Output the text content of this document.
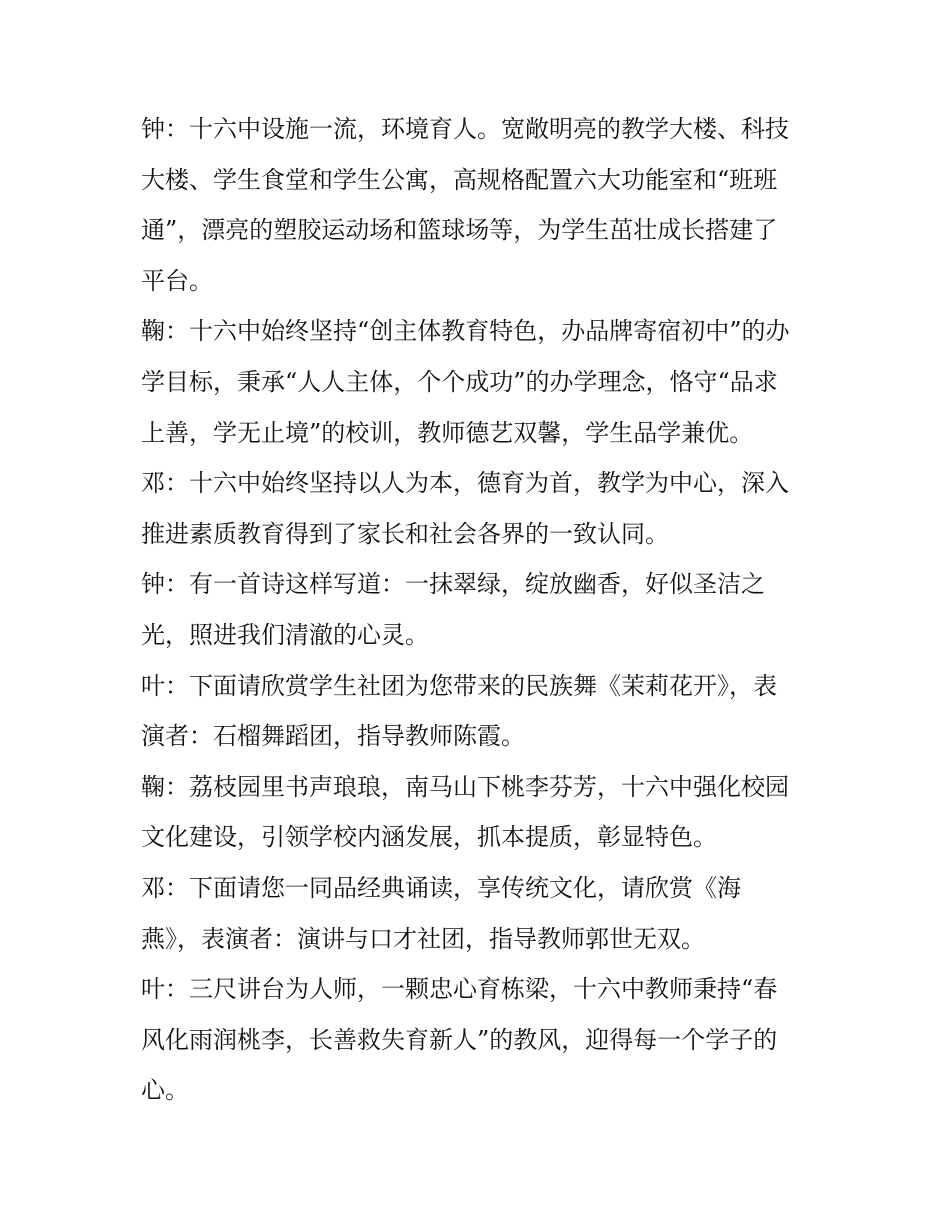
钟：十六中设施一流，环境育人。宽敞明亮的教学大楼、科技
大楼、学生食堂和学生公寓，高规格配置六大功能室和“班班
通”，漂亮的塑胶运动场和篮球场等，为学生茁壮成长搭建了
平台。

鞠：十六中始终坚持“创主体教育特色，办品牌寄宿初中”的办
学目标，秉承“人人主体，个个成功”的办学理念，恪守“品求
上善，学无止境”的校训，教师德艺双馨，学生品学兼优。

邓：十六中始终坚持以人为本，德育为首，教学为中心，深入
推进素质教育得到了家长和社会各界的一致认同。

钟：有一首诗这样写道：一抹翠绿，绽放幽香，好似圣洁之
光，照进我们清澈的心灵。

叶：下面请欣赏学生社团为您带来的民族舞《茉莉花开》，表
演者：石榴舞蹈团，指导教师陈霞。

鞠：荔枝园里书声琅琅，南马山下桃李芬芳，十六中强化校园
文化建设，引领学校内涵发展，抓本提质，彰显特色。

邓：下面请您一同品经典诵读，享传统文化，请欣赏《海
燕》，表演者：演讲与口才社团，指导教师郭世无双。

叶：三尺讲台为人师，一颗忠心育栋梁，十六中教师秉持“春
风化雨润桃李，长善救失育新人”的教风，迎得每一个学子的
心。
